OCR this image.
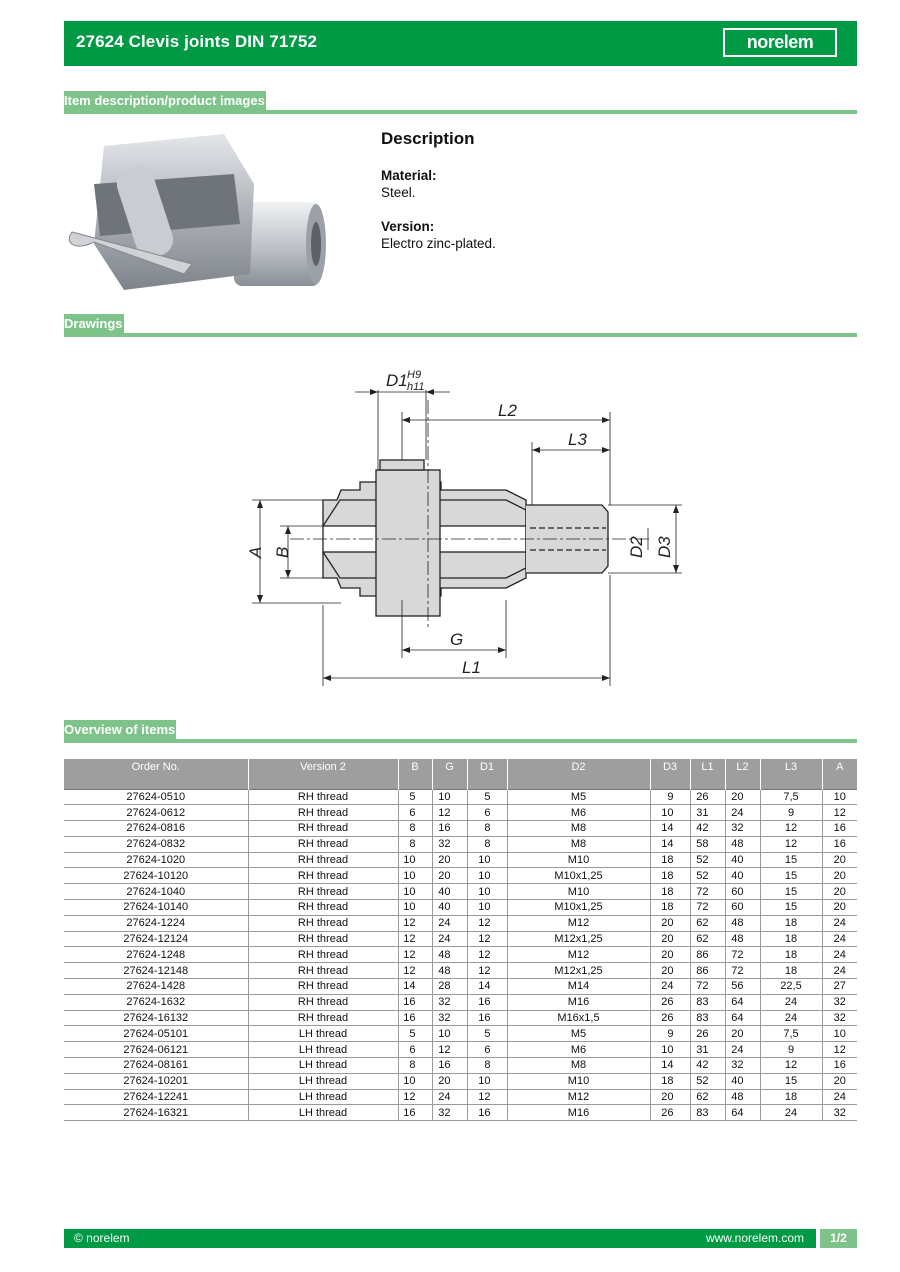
27624 Clevis joints DIN 71752	norelem
Item description/product images
Description
Material:
Steel.
Version:
Electro zinc-plated.
Drawings
D1 H9
h11
L2
L3
A B	D2 D3
G
L1
Overview of items
Order No.	Version 2	B	G	D1	D2	D3	L1	L2	L3	A
27624-0510	RH thread	5	10	5	M5	9	26	20	7,5	10
27624-0612	RH thread	6	12	6	M6	10	31	24	9	12
27624-0816	RH thread	8	16	8	M8	14	42	32	12	16
27624-0832	RH thread	8	32	8	M8	14	58	48	12	16
27624-1020	RH thread	10	20	10	M10	18	52	40	15	20
27624-10120	RH thread	10	20	10	M10x1,25	18	52	40	15	20
27624-1040	RH thread	10	40	10	M10	18	72	60	15	20
27624-10140	RH thread	10	40	10	M10x1,25	18	72	60	15	20
27624-1224	RH thread	12	24	12	M12	20	62	48	18	24
27624-12124	RH thread	12	24	12	M12x1,25	20	62	48	18	24
27624-1248	RH thread	12	48	12	M12	20	86	72	18	24
27624-12148	RH thread	12	48	12	M12x1,25	20	86	72	18	24
27624-1428	RH thread	14	28	14	M14	24	72	56	22,5	27
27624-1632	RH thread	16	32	16	M16	26	83	64	24	32
27624-16132	RH thread	16	32	16	M16x1,5	26	83	64	24	32
27624-05101	LH thread	5	10	5	M5	9	26	20	7,5	10
27624-06121	LH thread	6	12	6	M6	10	31	24	9	12
27624-08161	LH thread	8	16	8	M8	14	42	32	12	16
27624-10201	LH thread	10	20	10	M10	18	52	40	15	20
27624-12241	LH thread	12	24	12	M12	20	62	48	18	24
27624-16321	LH thread	16	32	16	M16	26	83	64	24	32
© norelem	www.norelem.com	1/2
